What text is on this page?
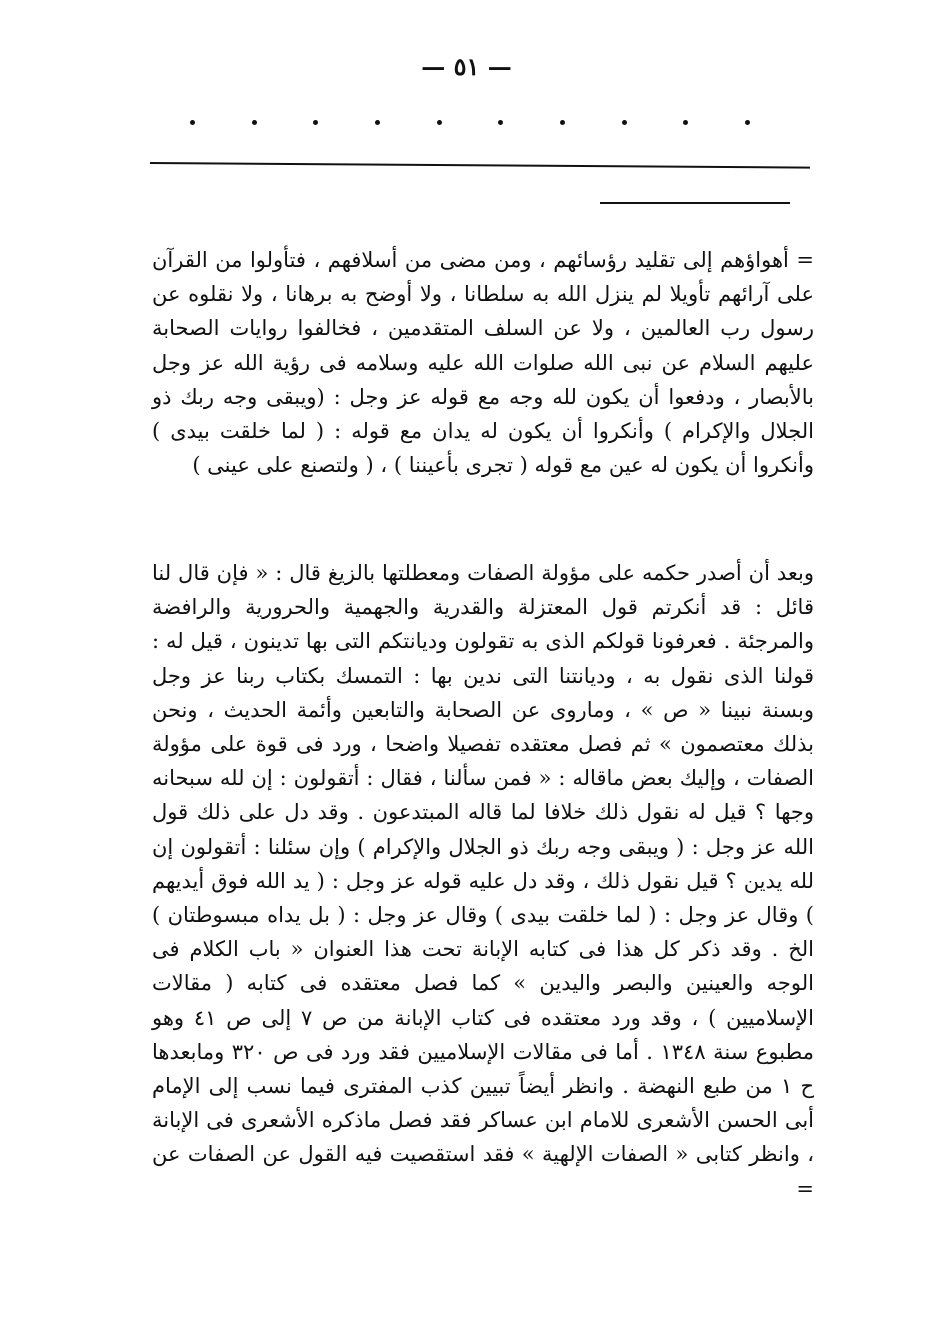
— ٥١ —

= أهواؤهم إلى تقليد رؤسائهم ، ومن مضى من أسلافهم ، فتأولوا من القرآن على آرائهم تأويلا لم ينزل الله به سلطانا ، ولا أوضح به برهانا ، ولا نقلوه عن رسول رب العالمين ، ولا عن السلف المتقدمين ، فخالفوا روايات الصحابة عليهم السلام عن نبى الله صلوات الله عليه وسلامه فى رؤية الله عز وجل بالأبصار ، ودفعوا أن يكون لله وجه مع قوله عز وجل : (ويبقى وجه ربك ذو الجلال والإكرام ) وأنكروا أن يكون له يدان مع قوله : ( لما خلقت بيدى ) وأنكروا أن يكون له عين مع قوله ( تجرى بأعيننا ) ، ( ولتصنع على عينى )

وبعد أن أصدر حكمه على مؤولة الصفات ومعطلتها بالزيغ قال : « فإن قال لنا قائل : قد أنكرتم قول المعتزلة والقدرية والجهمية والحرورية والرافضة والمرجئة . فعرفونا قولكم الذى به تقولون وديانتكم التى بها تدينون ، قيل له : قولنا الذى نقول به ، وديانتنا التى ندين بها : التمسك بكتاب ربنا عز وجل وبسنة نبينا « ص » ، وماروى عن الصحابة والتابعين وأئمة الحديث ، ونحن بذلك معتصمون » ثم فصل معتقده تفصيلا واضحا ، ورد فى قوة على مؤولة الصفات ، وإليك بعض ماقاله : « فمن سألنا ، فقال : أتقولون : إن لله سبحانه وجها ؟ قيل له نقول ذلك خلافا لما قاله المبتدعون . وقد دل على ذلك قول الله عز وجل : ( ويبقى وجه ربك ذو الجلال والإكرام ) وإن سئلنا : أتقولون إن لله يدين ؟ قيل نقول ذلك ، وقد دل عليه قوله عز وجل : ( يد الله فوق أيديهم ) وقال عز وجل : ( لما خلقت بيدى ) وقال عز وجل : ( بل يداه مبسوطتان ) الخ . وقد ذكر كل هذا فى كتابه الإبانة تحت هذا العنوان « باب الكلام فى الوجه والعينين والبصر واليدين » كما فصل معتقده فى كتابه ( مقالات الإسلاميين ) ، وقد ورد معتقده فى كتاب الإبانة من ص ٧ إلى ص ٤١ وهو مطبوع سنة ١٣٤٨ . أما فى مقالات الإسلاميين فقد ورد فى ص ٣٢٠ ومابعدها ح ١ من طبع النهضة . وانظر أيضاً تبيين كذب المفترى فيما نسب إلى الإمام أبى الحسن الأشعرى للامام ابن عساكر فقد فصل ماذكره الأشعرى فى الإبانة ، وانظر كتابى « الصفات الإلهية » فقد استقصيت فيه القول عن الصفات عن =
